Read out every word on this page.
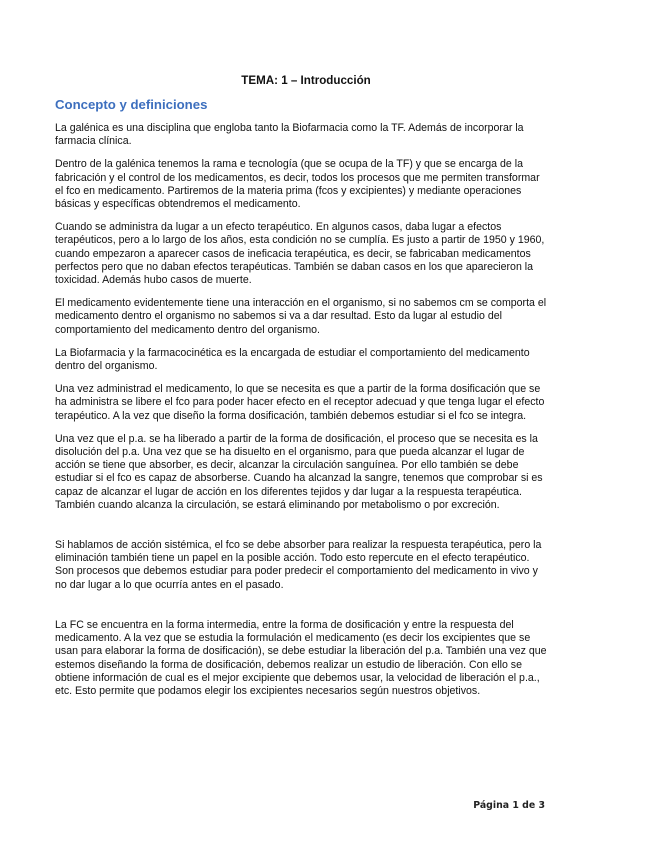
TEMA: 1 – Introducción
Concepto y definiciones

La galénica es una disciplina que engloba tanto la Biofarmacia como la TF. Además de incorporar la farmacia clínica.

Dentro de la galénica tenemos la rama e tecnología (que se ocupa de la TF) y que se encarga de la fabricación y el control de los medicamentos, es decir, todos los procesos que me permiten transformar el fco en medicamento. Partiremos de la materia prima (fcos y excipientes) y mediante operaciones básicas y específicas obtendremos el medicamento.

Cuando se administra da lugar a un efecto terapéutico. En algunos casos, daba lugar a efectos terapéuticos, pero a lo largo de los años, esta condición no se cumplía. Es justo a partir de 1950 y 1960, cuando empezaron a aparecer casos de ineficacia terapéutica, es decir, se fabricaban medicamentos perfectos pero que no daban efectos terapéuticas. También se daban casos en los que aparecieron la toxicidad. Además hubo casos de muerte.

El medicamento evidentemente tiene una interacción en el organismo, si no sabemos cm se comporta el medicamento dentro el organismo no sabemos si va a dar resultad. Esto da lugar al estudio del comportamiento del medicamento dentro del organismo.

La Biofarmacia y la farmacocinética es la encargada de estudiar el comportamiento del medicamento dentro del organismo.

Una vez administrad el medicamento, lo que se necesita es que a partir de la forma dosificación que se ha administra se libere el fco para poder hacer efecto en el receptor adecuad y que tenga lugar el efecto terapéutico. A la vez que diseño la forma dosificación, también debemos estudiar si el fco se integra.

Una vez que el p.a. se ha liberado a partir de la forma de dosificación, el proceso que se necesita es la disolución del p.a. Una vez que se ha disuelto en el organismo, para que pueda alcanzar el lugar de acción se tiene que absorber, es decir, alcanzar la circulación sanguínea. Por ello también se debe estudiar si el fco es capaz de absorberse. Cuando ha alcanzad la sangre, tenemos que comprobar si es capaz de alcanzar el lugar de acción en los diferentes tejidos y dar lugar a la respuesta terapéutica. También cuando alcanza la circulación, se estará eliminando por metabolismo o por excreción.

Si hablamos de acción sistémica, el fco se debe absorber para realizar la respuesta terapéutica, pero la eliminación también tiene un papel en la posible acción. Todo esto repercute en el efecto terapéutico. Son procesos que debemos estudiar para poder predecir el comportamiento del medicamento in vivo y no dar lugar a lo que ocurría antes en el pasado.

La FC se encuentra en la forma intermedia, entre la forma de dosificación y entre la respuesta del medicamento. A la vez que se estudia la formulación el medicamento (es decir los excipientes que se usan para elaborar la forma de dosificación), se debe estudiar la liberación del p.a. También una vez que estemos diseñando la forma de dosificación, debemos realizar un estudio de liberación. Con ello se obtiene información de cual es el mejor excipiente que debemos usar, la velocidad de liberación el p.a., etc. Esto permite que podamos elegir los excipientes necesarios según nuestros objetivos.

Página 1 de 3
